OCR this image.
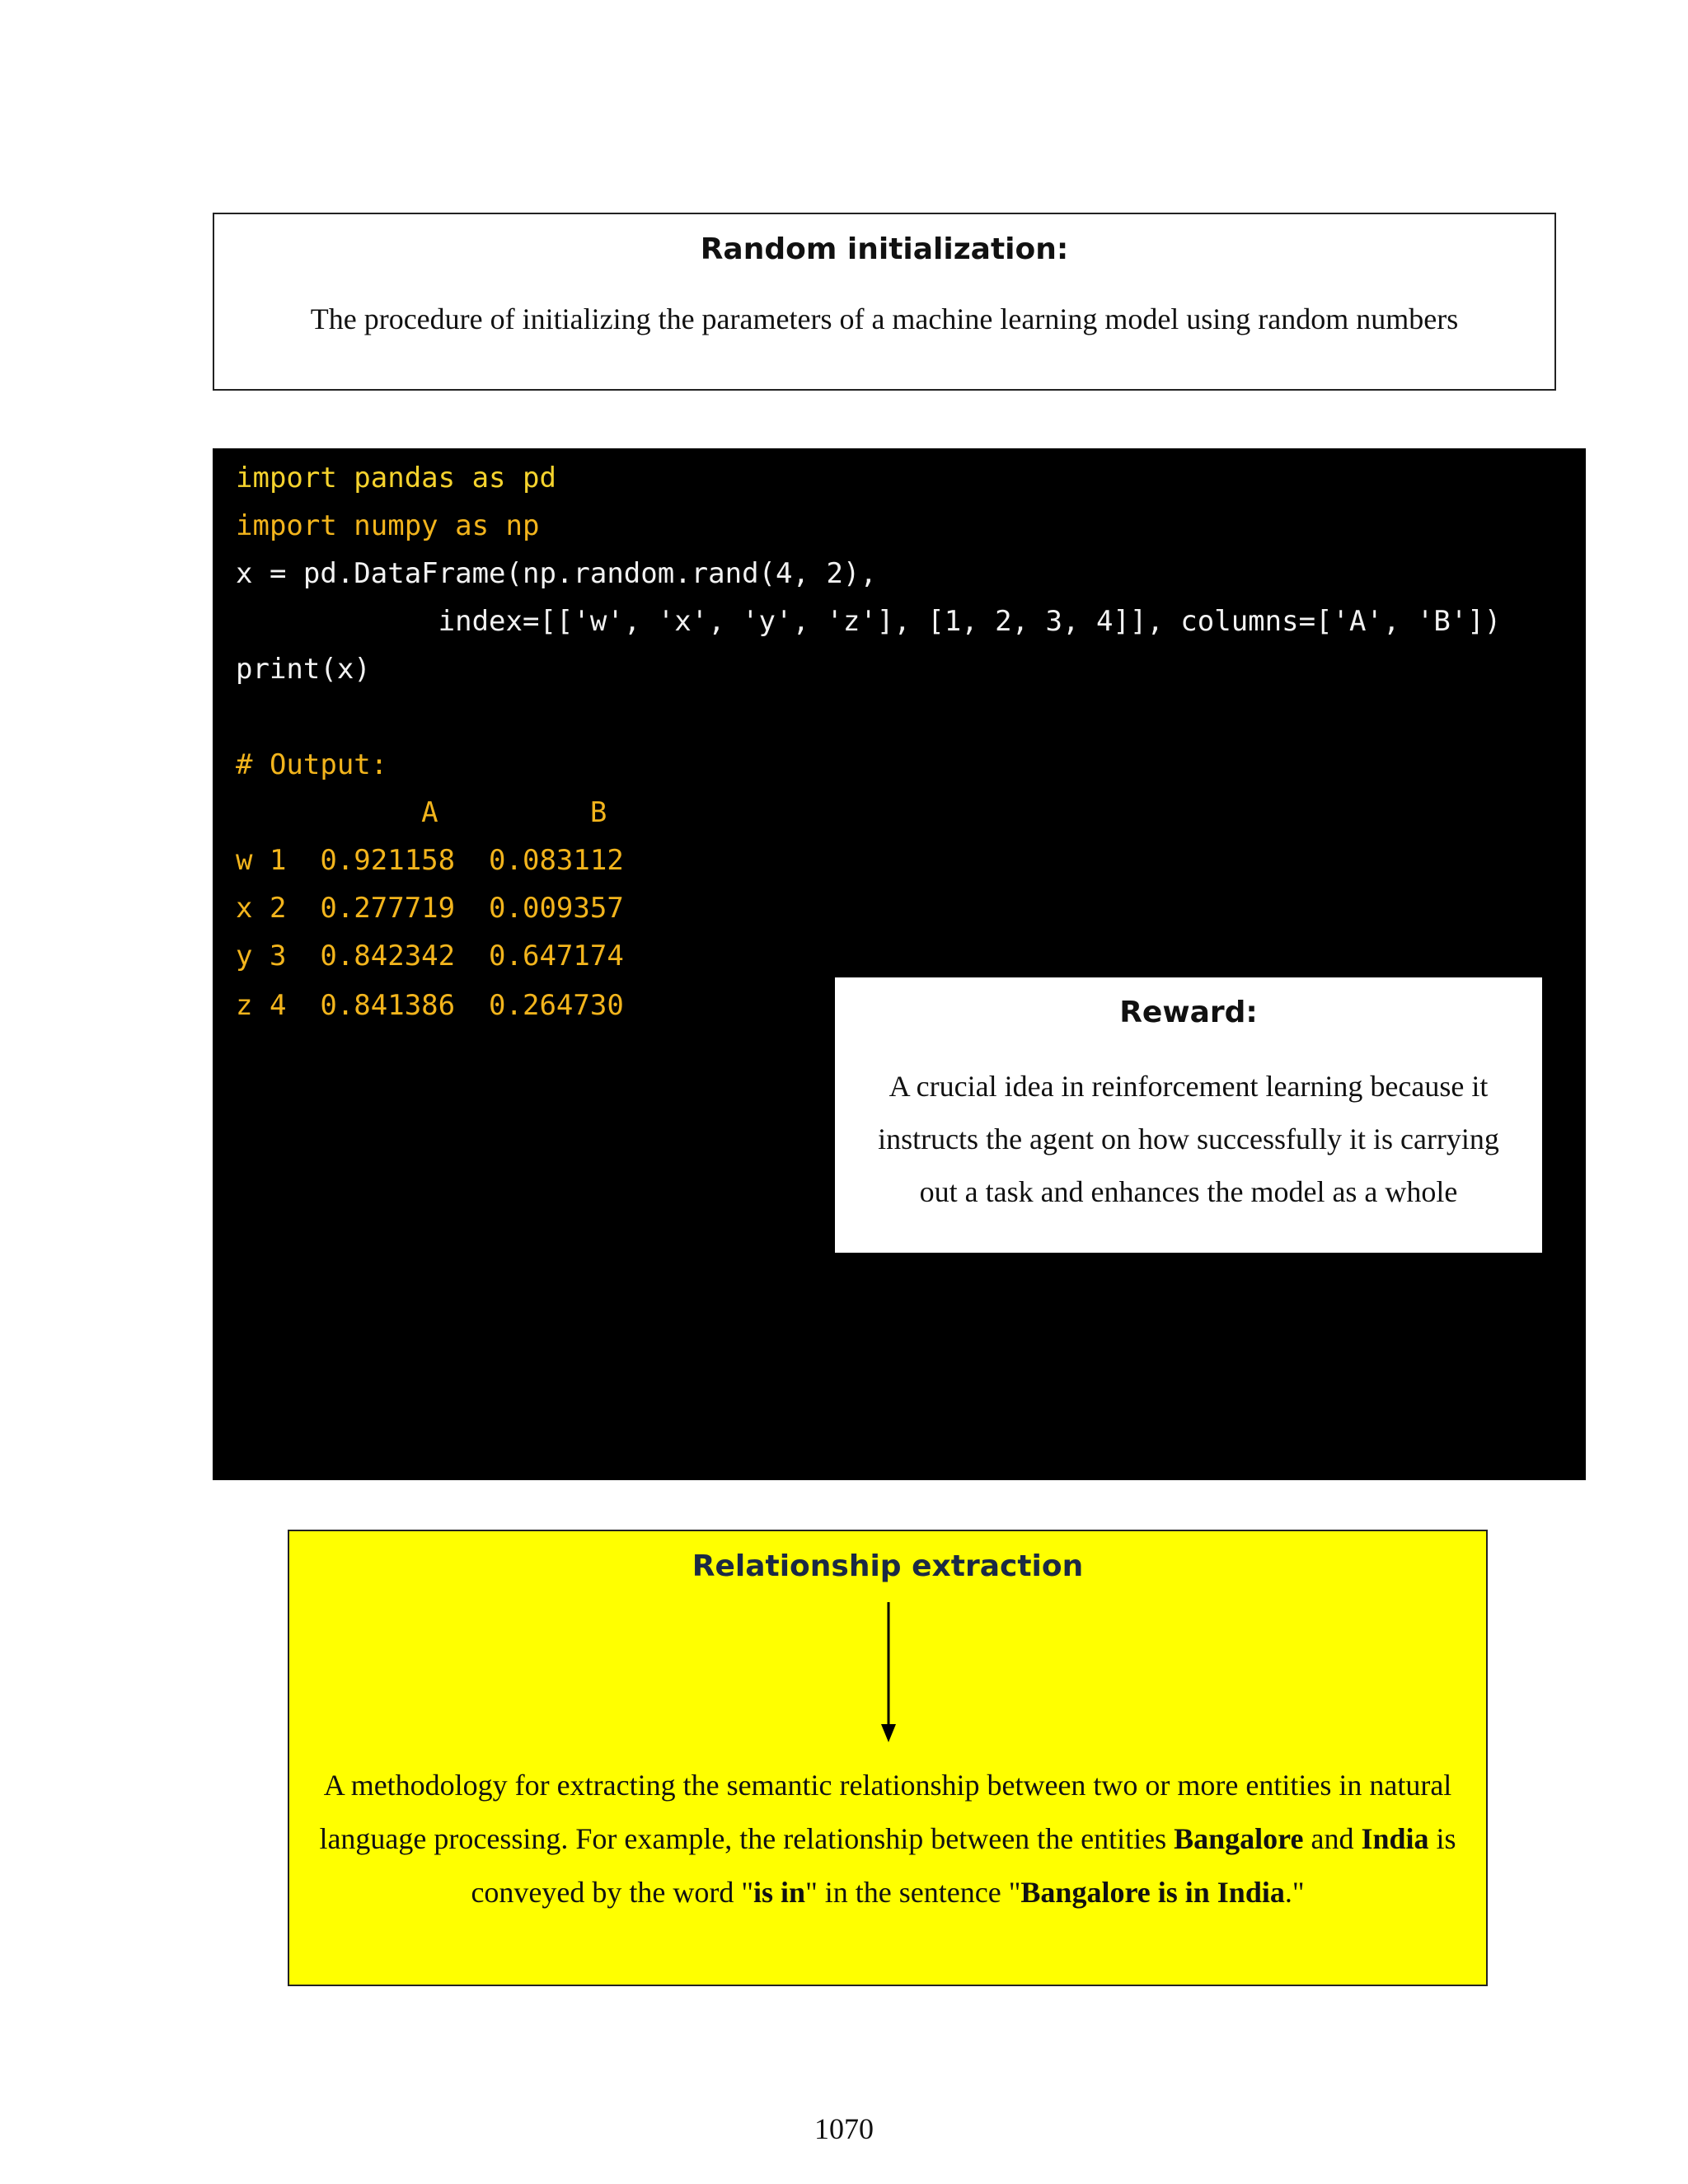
Random initialization:
The procedure of initializing the parameters of a machine learning model using random numbers
import pandas as pd
import numpy as np
x = pd.DataFrame(np.random.rand(4, 2),
index=[['w', 'x', 'y', 'z'], [1, 2, 3, 4]], columns=['A', 'B'])
print(x)
# Output:
A         B
w 1  0.921158  0.083112
x 2  0.277719  0.009357
y 3  0.842342  0.647174
z 4  0.841386  0.264730	Reward:
A crucial idea in reinforcement learning because it instructs the agent on how successfully it is carrying out a task and enhances the model as a whole
Relationship extraction
A methodology for extracting the semantic relationship between two or more entities in natural language processing. For example, the relationship between the entities Bangalore and India is conveyed by the word "is in" in the sentence "Bangalore is in India."
1070
